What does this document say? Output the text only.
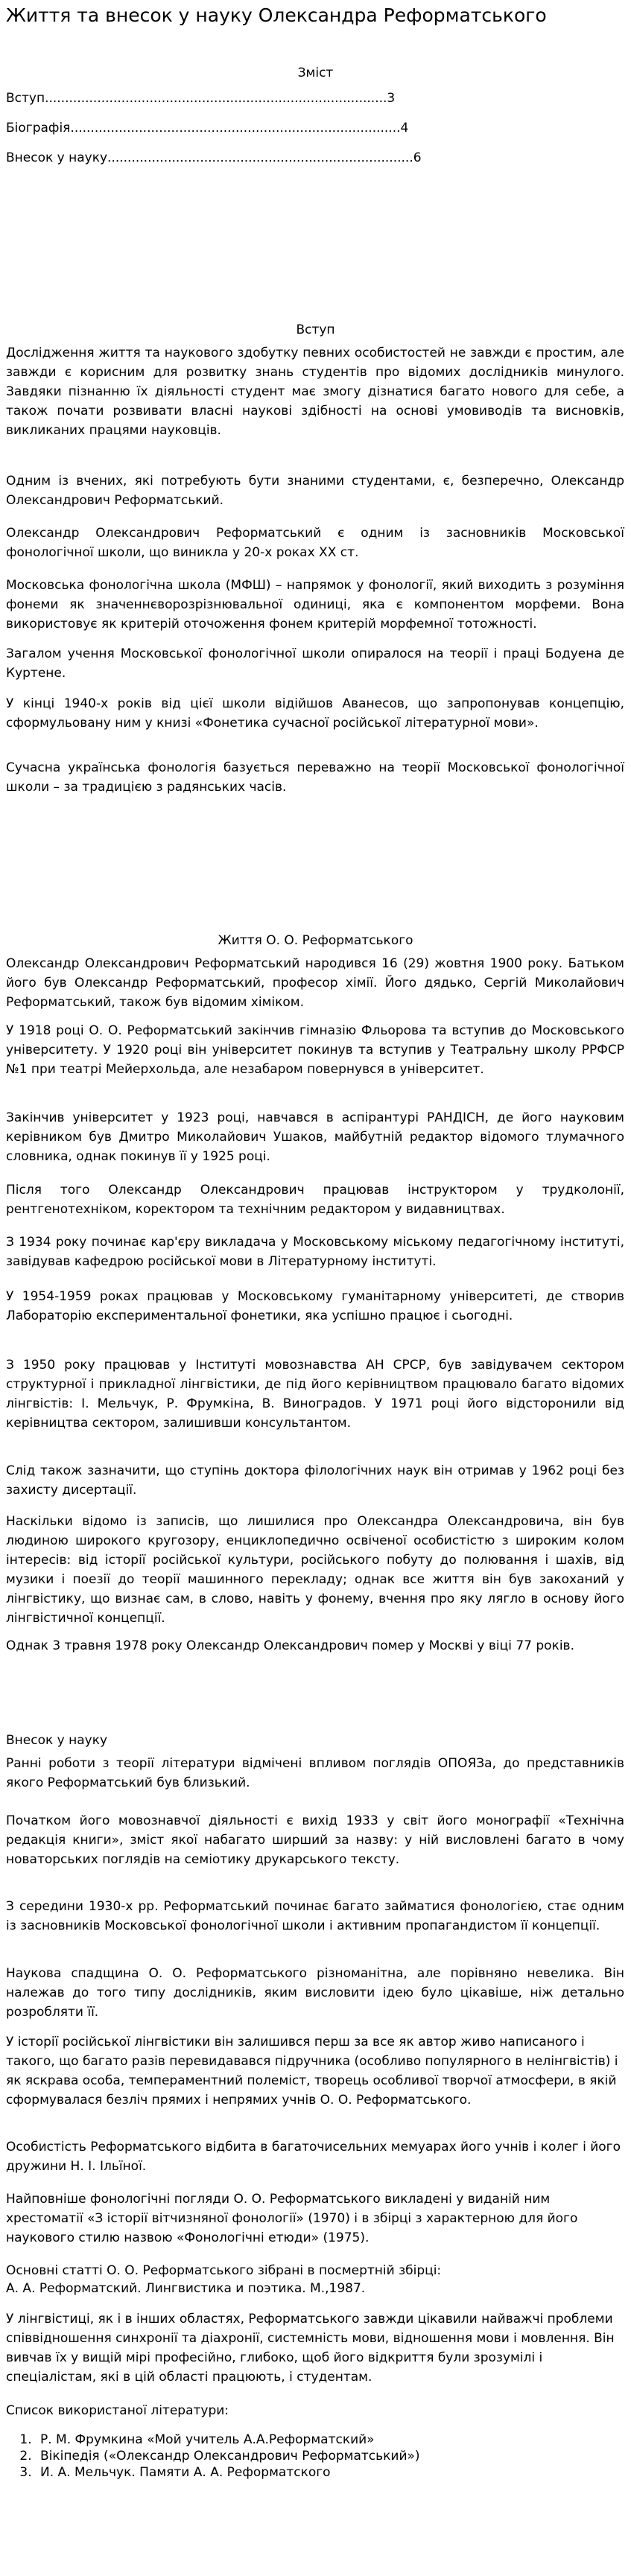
Життя та внесок у науку Олександра Реформатського
Зміст
Вступ.....................................................................................3
Біографія..................................................................................4
Внесок у науку............................................................................6
Вступ

Дослідження життя та наукового здобутку певних особистостей не завжди є простим, але завжди є корисним для розвитку знань студентів про відомих дослідників минулого. Завдяки пізнанню їх діяльності студент має змогу дізнатися багато нового для себе, а також почати розвивати власні наукові здібності на основі умовиводів та висновків, викликаних працями науковців.

Одним із вчених, які потребують бути знаними студентами, є, безперечно, Олександр Олександрович Реформатський.

Олександр Олександрович Реформатський є одним із засновників Московської фонологічної школи, що виникла у 20-х роках XX ст.

Московська фонологічна школа (МФШ) – напрямок у фонології, який виходить з розуміння фонеми як значеннєворозрізнювальної одиниці, яка є компонентом морфеми. Вона використовує як критерій оточоження фонем критерій морфемної тотожності.

Загалом учення Московської фонологічної школи опиралося на теорії і праці Бодуена де Куртене.

У кінці 1940-х років від цієї школи відійшов Аванесов, що запропонував концепцію, сформульовану ним у книзі «Фонетика сучасної російської літературної мови».

Сучасна українська фонологія базується переважно на теорії Московської фонологічної школи – за традицією з радянських часів.

Життя О. О. Реформатського

Олександр Олександрович Реформатський народився 16 (29) жовтня 1900 року. Батьком його був Олександр Реформатський, професор хімії. Його дядько, Сергій Миколайович Реформатський, також був відомим хіміком.

У 1918 році О. О. Реформатський закінчив гімназію Фльорова та вступив до Московського університету. У 1920 році він університет покинув та вступив у Театральну школу РРФСР №1 при театрі Мейерхольда, але незабаром повернувся в університет.

Закінчив університет у 1923 році, навчався в аспірантурі РАНДІСН, де його науковим керівником був Дмитро Миколайович Ушаков, майбутній редактор відомого тлумачного словника, однак покинув її у 1925 році.

Після того Олександр Олександрович працював інструктором у трудколонії, рентгенотехніком, коректором та технічним редактором у видавництвах.

З 1934 року починає кар'єру викладача у Московському міському педагогічному інституті, завідував кафедрою російської мови в Літературному інституті.

У 1954-1959 роках працював у Московському гуманітарному університеті, де створив Лабораторію експериментальної фонетики, яка успішно працює і сьогодні.

З 1950 року працював у Інституті мовознавства АН СРСР, був завідувачем сектором структурної і прикладної лінгвістики, де під його керівництвом працювало багато відомих лінгвістів: І. Мельчук, Р. Фрумкіна, В. Виноградов. У 1971 році його відсторонили від керівництва сектором, залишивши консультантом.

Слід також зазначити, що ступінь доктора філологічних наук він отримав у 1962 році без захисту дисертації.

Наскільки відомо із записів, що лишилися про Олександра Олександровича, він був людиною широкого кругозору, енциклопедично освіченої особистістю з широким колом інтересів: від історії російської культури, російського побуту до полювання і шахів, від музики і поезії до теорії машинного перекладу; однак все життя він був закоханий у лінгвістику, що визнає сам, в слово, навіть у фонему, вчення про яку лягло в основу його лінгвістичної концепції.

Однак 3 травня 1978 року Олександр Олександрович помер у Москві у віці 77 років.

Внесок у науку

Ранні роботи з теорії літератури відмічені впливом поглядів ОПОЯЗа, до представників якого Реформатський був близький.

Початком його мовознавчої діяльності є вихід 1933 у світ його монографії «Технічна редакція книги», зміст якої набагато ширший за назву: у ній висловлені багато в чому новаторських поглядів на семіотику друкарського тексту.

З середини 1930-х рр. Реформатський починає багато займатися фонологією, стає одним із засновників Московської фонологічної школи і активним пропагандистом її концепції.

Наукова спадщина О. О. Реформатського різноманітна, але порівняно невелика. Він належав до того типу дослідників, яким висловити ідею було цікавіше, ніж детально розробляти її.

У історії російської лінгвістики він залишився перш за все як автор живо написаного і такого, що багато разів перевидавався підручника (особливо популярного в нелінгвістів) і як яскрава особа, темпераментний полеміст, творець особливої творчої атмосфери, в якій сформувалася безліч прямих і непрямих учнів О. О. Реформатського.

Особистість Реформатського відбита в багаточисельних мемуарах його учнів і колег і його дружини Н. І. Ільїної.

Найповніше фонологічні погляди О. О. Реформатського викладені у виданій ним хрестоматії «З історії вітчизняної фонології» (1970) і в збірці з характерною для його наукового стилю назвою «Фонологічні етюди» (1975).

Основні статті О. О. Реформатського зібрані в посмертній збірці:

А. А. Реформатский. Лингвистика и поэтика. М.,1987.

У лінгвістиці, як і в інших областях, Реформатського завжди цікавили найважчі проблеми співвідношення синхронії та діахронії, системність мови, відношення мови і мовлення. Він вивчав їх у вищій мірі професійно, глибоко, щоб його відкриття були зрозумілі і спеціалістам, які в цій області працюють, і студентам.

Список використаної літератури:
1. Р. М. Фрумкина «Мой учитель А.А.Реформатский»
2. Вікіпедія («Олександр Олександрович Реформатський»)
3. И. А. Мельчук. Памяти А. А. Реформатского
